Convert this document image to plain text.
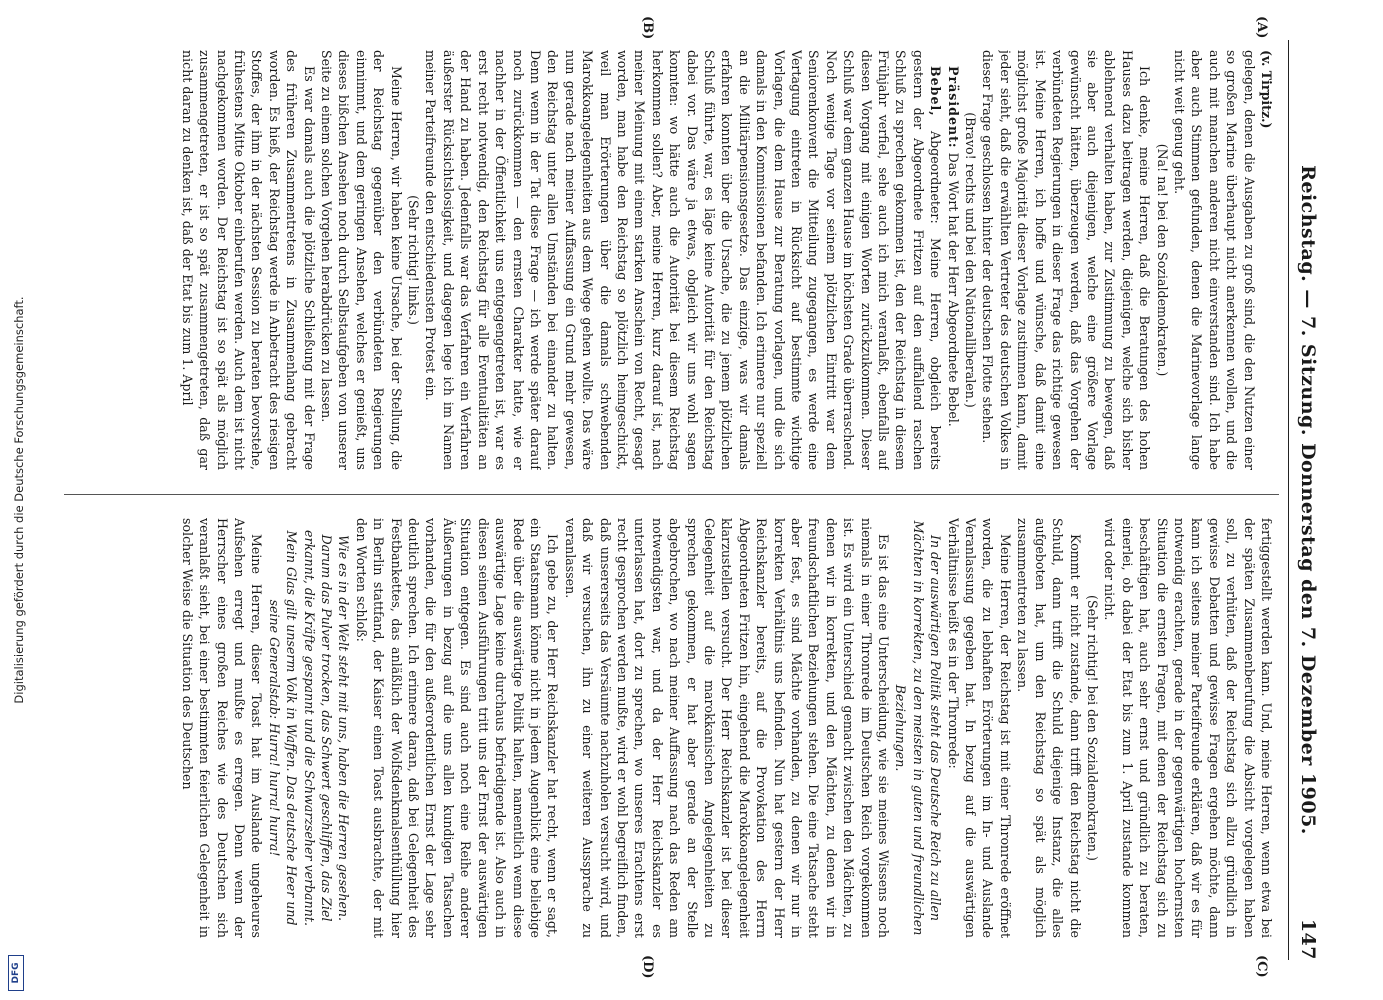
Digitalisierung gefördert durch die Deutsche Forschungsgemeinschaft.
DFG
Reichstag. — 7. Sitzung. Donnerstag den 7. Dezember 1905.
147
(A)
(B)
(C)
(D)

(v. Tirpitz.)

gelegen, denen die Ausgaben zu groß sind, die den Nutzen einer so großen Marine überhaupt nicht anerkennen wollen, und die auch mit manchen anderen nicht einverstanden sind. Ich habe aber auch Stimmen gefunden, denen die Marinevorlage lange nicht weit genug geht.

(Na! na! bei den Sozialdemokraten.)

Ich denke, meine Herren, daß die Beratungen des hohen Hauses dazu beitragen werden, diejenigen, welche sich bisher ablehnend verhalten haben, zur Zustimmung zu bewegen, daß sie aber auch diejenigen, welche eine größere Vorlage gewünscht hätten, überzeugen werden, daß das Vorgehen der verbündeten Regierungen in dieser Frage das richtige gewesen ist. Meine Herren, ich hoffe und wünsche, daß damit eine möglichst große Majorität dieser Vorlage zustimmen kann, damit jeder sieht, daß die erwählten Vertreter des deutschen Volkes in dieser Frage geschlossen hinter der deutschen Flotte stehen.

(Bravo! rechts und bei den Nationalliberalen.)

Präsident: Das Wort hat der Herr Abgeordnete Bebel.

Bebel, Abgeordneter: Meine Herren, obgleich bereits gestern der Abgeordnete Fritzen auf den auffallend raschen Schluß zu sprechen gekommen ist, den der Reichstag in diesem Frühjahr verfiel, sehe auch ich mich veranlaßt, ebenfalls auf diesen Vorgang mit einigen Worten zurückzukommen. Dieser Schluß war dem ganzen Hause im höchsten Grade überraschend. Noch wenige Tage vor seinem plötzlichen Eintritt war dem Seniorenkonvent die Mitteilung zugegangen, es werde eine Vertagung eintreten in Rücksicht auf bestimmte wichtige Vorlagen, die dem Hause zur Beratung vorlagen, und die sich damals in den Kommissionen befanden. Ich erinnere nur speziell an die Militärpensionsgesetze. Das einzige, was wir damals erfahren konnten über die Ursache, die zu jenem plötzlichen Schluß führte, war, es läge keine Autorität für den Reichstag dabei vor. Das wäre ja etwas, obgleich wir uns wohl sagen konnten: wo hätte auch die Autorität bei diesem Reichstag herkommen sollen? Aber, meine Herren, kurz darauf ist, nach meiner Meinung mit einem starken Anschein von Recht, gesagt worden, man habe den Reichstag so plötzlich heimgeschickt, weil man Erörterungen über die damals schwebenden Marokkoangelegenheiten aus dem Wege gehen wollte. Das wäre nun gerade nach meiner Auffassung ein Grund mehr gewesen, den Reichstag unter allen Umständen bei einander zu halten. Denn wenn in der Tat diese Frage — ich werde später darauf noch zurückkommen — den ernsten Charakter hatte, wie er nachher in der Öffentlichkeit uns entgegengetreten ist, war es erst recht notwendig, den Reichstag für alle Eventualitäten an der Hand zu haben. Jedenfalls war das Verfahren ein Verfahren äußerster Rücksichtslosigkeit, und dagegen lege ich im Namen meiner Parteifreunde den entschiedensten Protest ein.

(Sehr richtig! links.)

Meine Herren, wir haben keine Ursache, bei der Stellung, die der Reichstag gegenüber den verbündeten Regierungen einnimmt, und dem geringen Ansehen, welches er genießt, uns dieses bißchen Ansehen noch durch Selbstaufgeben von unserer Seite zu einem solchen Vorgehen herabdrücken zu lassen.

Es war damals auch die plötzliche Schließung mit der Frage des früheren Zusammentretens in Zusammenhang gebracht worden. Es hieß, der Reichstag werde in Anbetracht des riesigen Stoffes, der ihm in der nächsten Session zu beraten bevorstehe, frühestens Mitte Oktober einberufen werden. Auch dem ist nicht nachgekommen worden. Der Reichstag ist so spät als möglich zusammengetreten, er ist so spät zusammengetreten, daß gar nicht daran zu denken ist, daß der Etat bis zum 1. April

fertiggestellt werden kann. Und, meine Herren, wenn etwa bei der späten Zusammenberufung die Absicht vorgelegen haben soll, zu verhüten, daß der Reichstag sich allzu gründlich in gewisse Debatten und gewisse Fragen ergehen möchte, dann kann ich seitens meiner Parteifreunde erklären, daß wir es für notwendig erachten, gerade in der gegenwärtigen hochernsten Situation die ernsten Fragen, mit denen der Reichstag sich zu beschäftigen hat, auch sehr ernst und gründlich zu beraten, einerlei, ob dabei der Etat bis zum 1. April zustande kommen wird oder nicht.

(Sehr richtig! bei den Sozialdemokraten.)

Kommt er nicht zustande, dann trifft den Reichstag nicht die Schuld, dann trifft die Schuld diejenige Instanz, die alles aufgeboten hat, um den Reichstag so spät als möglich zusammentreten zu lassen.

Meine Herren, der Reichstag ist mit einer Thronrede eröffnet worden, die zu lebhaften Erörterungen im In- und Auslande Veranlassung gegeben hat. In bezug auf die auswärtigen Verhältnisse heißt es in der Thronrede:

In der auswärtigen Politik steht das Deutsche Reich zu allen Mächten in korrekten, zu den meisten in guten und freundlichen Beziehungen.

Es ist das eine Unterscheidung, wie sie meines Wissens noch niemals in einer Thronrede im Deutschen Reich vorgekommen ist. Es wird ein Unterschied gemacht zwischen den Mächten, zu denen wir in korrekten, und den Mächten, zu denen wir in freundschaftlichen Beziehungen stehen. Die eine Tatsache steht aber fest, es sind Mächte vorhanden, zu denen wir nur in korrekten Verhältnis uns befinden. Nun hat gestern der Herr Reichskanzler bereits, auf die Provokation des Herrn Abgeordneten Fritzen hin, eingehend die Marokkoangelegenheit klarzustellen versucht. Der Herr Reichskanzler ist bei dieser Gelegenheit auf die marokkanischen Angelegenheiten zu sprechen gekommen, er hat aber gerade an der Stelle abgebrochen, wo nach meiner Auffassung nach das Reden am notwendigsten war, und da der Herr Reichskanzler es unterlassen hat, dort zu sprechen, wo unseres Erachtens erst recht gesprochen werden mußte, wird er wohl begreiflich finden, daß unsererseits das Versäumte nachzuholen versucht wird, und daß wir versuchen, ihn zu einer weiteren Aussprache zu veranlassen.

Ich gebe zu, der Herr Reichskanzler hat recht, wenn er sagt, ein Staatsmann könne nicht in jedem Augenblick eine beliebige Rede über die auswärtige Politik halten, namentlich wenn diese auswärtige Lage keine durchaus befriedigende ist. Also auch in diesen seinen Ausführungen tritt uns der Ernst der auswärtigen Situation entgegen. Es sind auch noch eine Reihe anderer Äußerungen in bezug auf die uns allen kundigen Tatsachen vorhanden, die für den außerordentlichen Ernst der Lage sehr deutlich sprechen. Ich erinnere daran, daß bei Gelegenheit des Festbankettes, das anläßlich der Wolfsdenkmalsenthüllung hier in Berlin stattfand, der Kaiser einen Toast ausbrachte, der mit den Worten schloß:

Wie es in der Welt steht mit uns, haben die Herren gesehen. Darum das Pulver trocken, das Schwert geschliffen, das Ziel erkannt, die Kräfte gespannt und die Schwarzseher verbannt. Mein Glas gilt unserm Volk in Waffen. Das deutsche Heer und seine Generalstab: Hurra! hurra! hurra!

Meine Herren, dieser Toast hat im Auslande ungeheures Aufsehen erregt und mußte es erregen. Denn wenn der Herrscher eines großen Reiches wie des Deutschen sich veranlaßt sieht, bei einer bestimmten feierlichen Gelegenheit in solcher Weise die Situation des Deutschen
